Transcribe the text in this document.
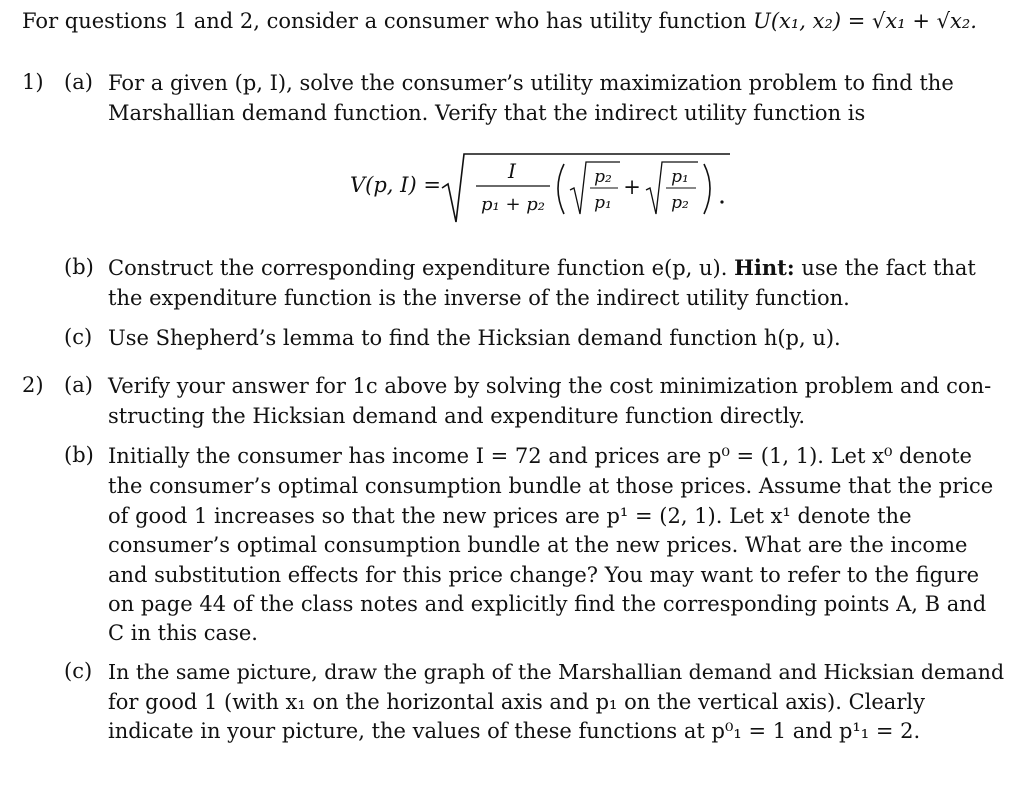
For questions 1 and 2, consider a consumer who has utility function U(x₁, x₂) = √x₁ + √x₂.
1) (a) For a given (p, I), solve the consumer’s utility maximization problem to find the
Marshallian demand function. Verify that the indirect utility function is
V(p, I) =
I
p₁ + p₂
p₂
p₁
+ p₁
p₂
(b) Construct the corresponding expenditure function e(p, u). Hint: use the fact that
the expenditure function is the inverse of the indirect utility function.
(c) Use Shepherd’s lemma to find the Hicksian demand function h(p, u).
2) (a) Verify your answer for 1c above by solving the cost minimization problem and con-
structing the Hicksian demand and expenditure function directly.
(b) Initially the consumer has income I = 72 and prices are p⁰ = (1, 1). Let x⁰ denote
the consumer’s optimal consumption bundle at those prices. Assume that the price
of good 1 increases so that the new prices are p¹ = (2, 1). Let x¹ denote the
consumer’s optimal consumption bundle at the new prices. What are the income
and substitution effects for this price change? You may want to refer to the figure
on page 44 of the class notes and explicitly find the corresponding points A, B and
C in this case.
(c) In the same picture, draw the graph of the Marshallian demand and Hicksian demand
for good 1 (with x₁ on the horizontal axis and p₁ on the vertical axis). Clearly
indicate in your picture, the values of these functions at p⁰₁ = 1 and p¹₁ = 2.
